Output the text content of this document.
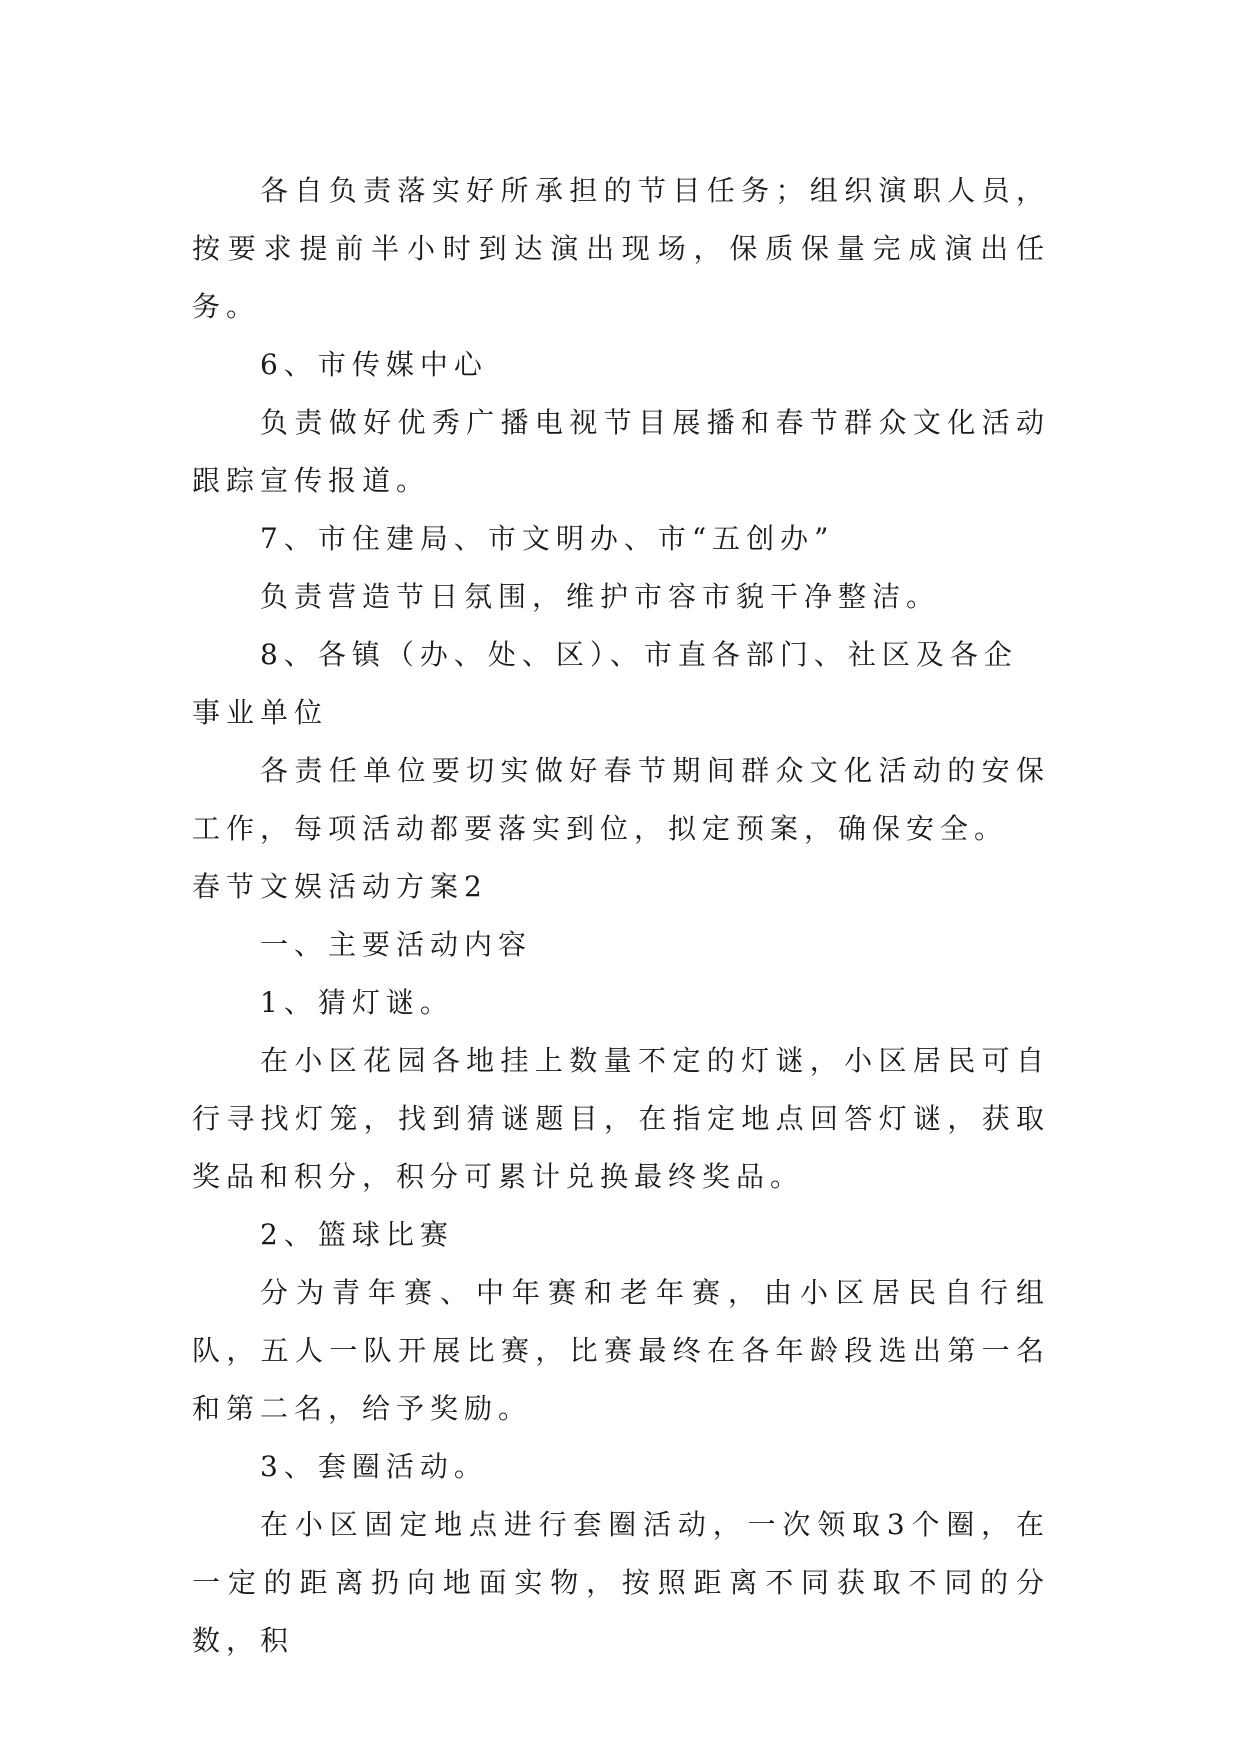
各自负责落实好所承担的节目任务；组织演职人员，按要求提前半小时到达演出现场，保质保量完成演出任务。

6、市传媒中心

负责做好优秀广播电视节目展播和春节群众文化活动跟踪宣传报道。

7、市住建局、市文明办、市“五创办”

负责营造节日氛围，维护市容市貌干净整洁。

8、各镇（办、处、区）、市直各部门、社区及各企事业单位

各责任单位要切实做好春节期间群众文化活动的安保工作，每项活动都要落实到位，拟定预案，确保安全。

春节文娱活动方案2

一、主要活动内容

1、猜灯谜。

在小区花园各地挂上数量不定的灯谜，小区居民可自行寻找灯笼，找到猜谜题目，在指定地点回答灯谜，获取奖品和积分，积分可累计兑换最终奖品。

2、篮球比赛

分为青年赛、中年赛和老年赛，由小区居民自行组队，五人一队开展比赛，比赛最终在各年龄段选出第一名和第二名，给予奖励。

3、套圈活动。

在小区固定地点进行套圈活动，一次领取3个圈，在一定的距离扔向地面实物，按照距离不同获取不同的分数，积
